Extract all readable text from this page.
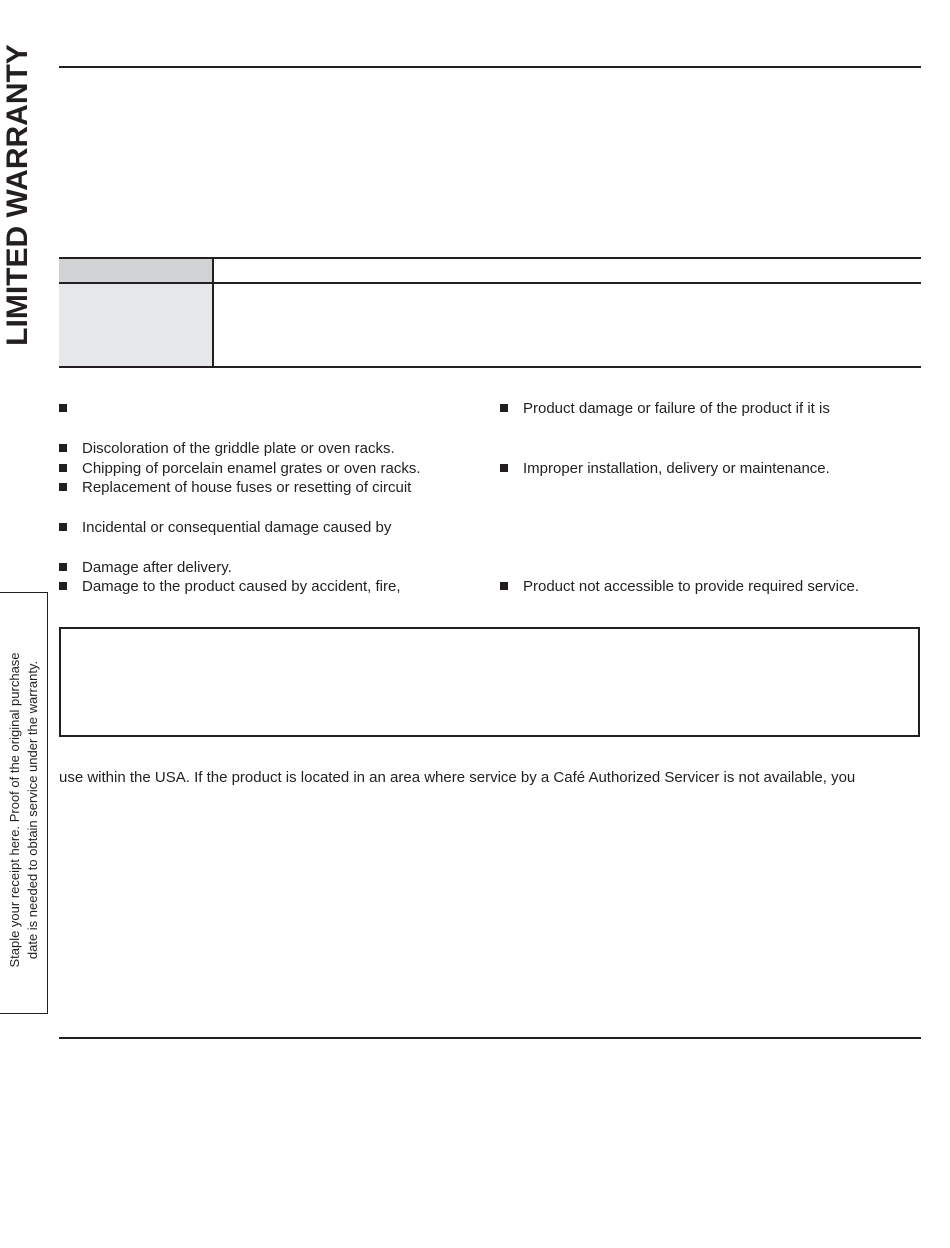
LIMITED WARRANTY
Discoloration of the griddle plate or oven racks.
Chipping of porcelain enamel grates or oven racks.
Replacement of house fuses or resetting of circuit
Incidental or consequential damage caused by
Damage after delivery.
Damage to the product caused by accident, fire,
Product damage or failure of the product if it is
Improper installation, delivery or maintenance.
Product not accessible to provide required service.
use within the USA. If the product is located in an area where service by a Café Authorized Servicer is not available, you
Staple your receipt here. Proof of the original purchase date is needed to obtain service under the warranty.
